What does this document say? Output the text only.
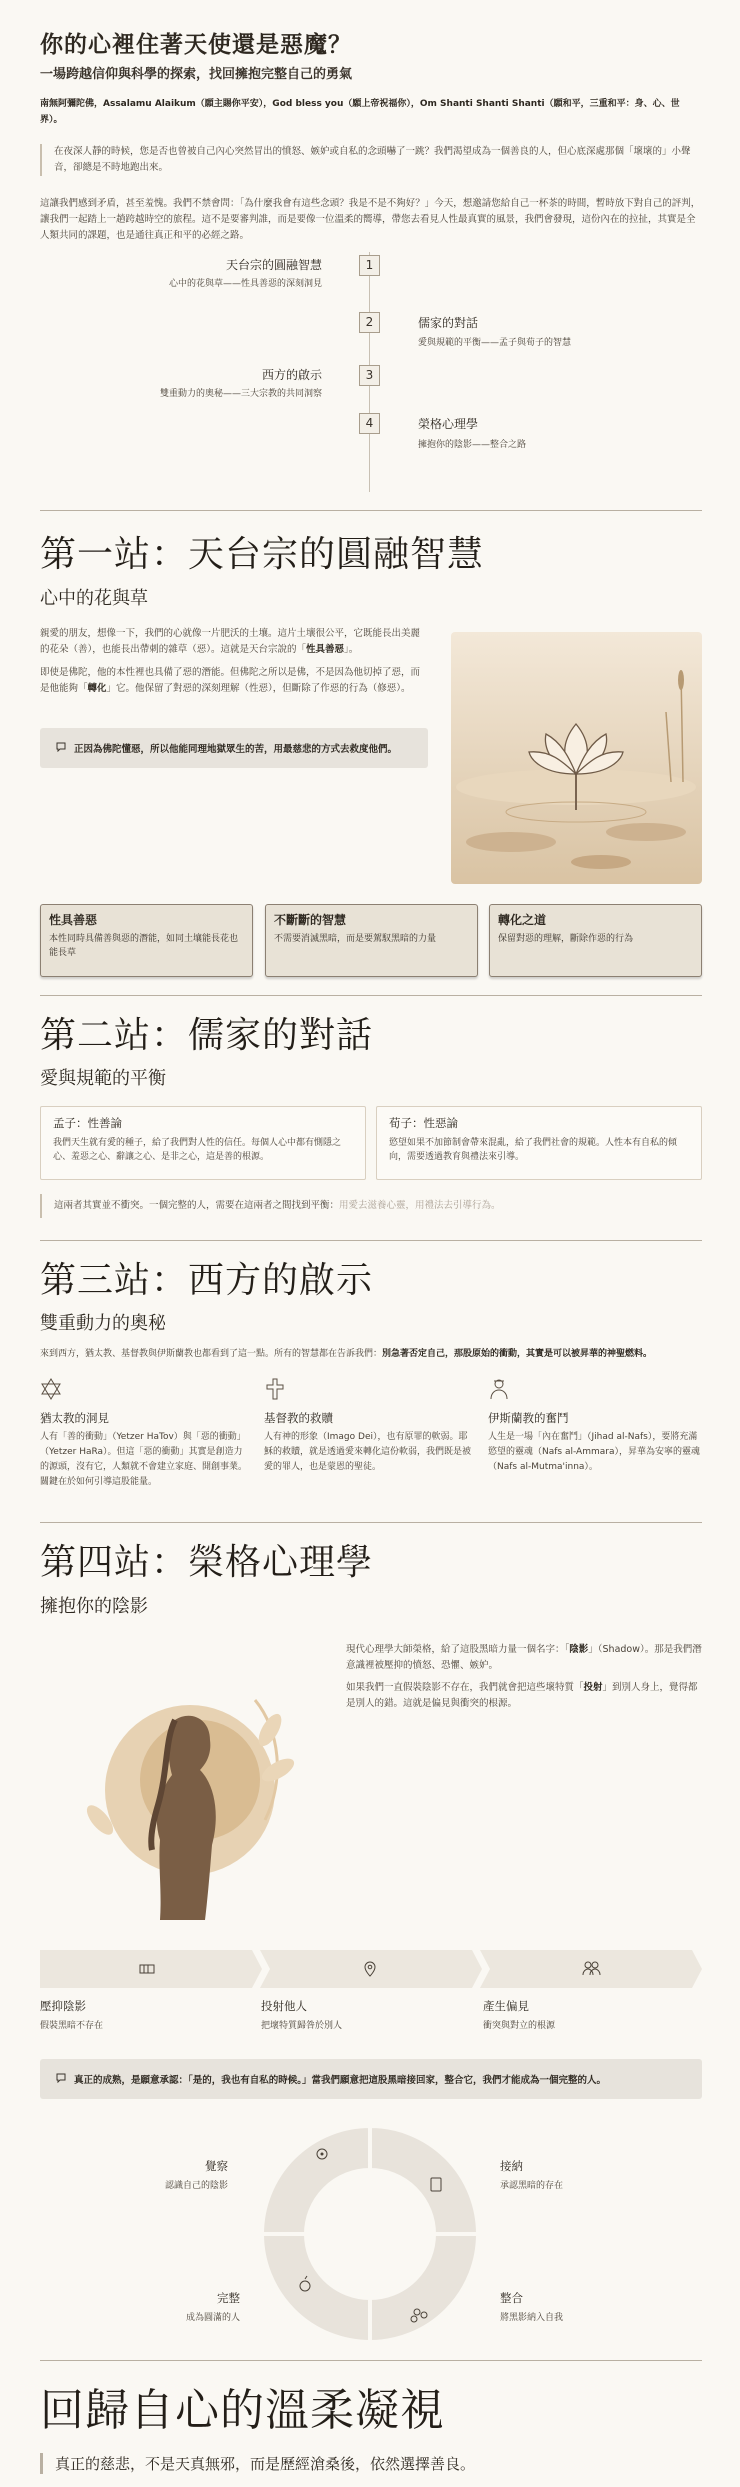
你的心裡住著天使還是惡魔？
一場跨越信仰與科學的探索，找回擁抱完整自己的勇氣
南無阿彌陀佛，Assalamu Alaikum（願主賜你平安），God bless you（願上帝祝福你），Om Shanti Shanti Shanti（願和平，三重和平：身、心、世界）。
在夜深人靜的時候，您是否也曾被自己內心突然冒出的憤怒、嫉妒或自私的念頭嚇了一跳？我們渴望成為一個善良的人，但心底深處那個「壞壞的」小聲音，卻總是不時地跑出來。
這讓我們感到矛盾，甚至羞愧。我們不禁會問：「為什麼我會有這些念頭？我是不是不夠好？」今天，想邀請您給自己一杯茶的時間，暫時放下對自己的評判，讓我們一起踏上一趟跨越時空的旅程。這不是要審判誰，而是要像一位溫柔的嚮導，帶您去看見人性最真實的風景，我們會發現，這份內在的拉扯，其實是全人類共同的課題，也是通往真正和平的必經之路。
天台宗的圓融智慧
心中的花與草——性具善惡的深刻洞見
1
2	儒家的對話
愛與規範的平衡——孟子與荀子的智慧
西方的啟示
雙重動力的奧秘——三大宗教的共同洞察
3
4	榮格心理學
擁抱你的陰影——整合之路
第一站：天台宗的圓融智慧
心中的花與草
親愛的朋友，想像一下，我們的心就像一片肥沃的土壤。這片土壤很公平，它既能長出美麗的花朵（善），也能長出帶刺的雜草（惡）。這就是天台宗說的「性具善惡」。
即使是佛陀，他的本性裡也具備了惡的潛能。但佛陀之所以是佛，不是因為他切掉了惡，而是他能夠「轉化」它。他保留了對惡的深刻理解（性惡），但斷除了作惡的行為（修惡）。
正因為佛陀懂惡，所以他能同理地獄眾生的苦，用最慈悲的方式去救度他們。
性具善惡
本性同時具備善與惡的潛能，如同土壤能長花也能長草
不斷斷的智慧
不需要消滅黑暗，而是要駕馭黑暗的力量
轉化之道
保留對惡的理解，斷除作惡的行為
第二站：儒家的對話
愛與規範的平衡
孟子：性善論
我們天生就有愛的種子，給了我們對人性的信任。每個人心中都有惻隱之心、羞惡之心、辭讓之心、是非之心，這是善的根源。
荀子：性惡論
慾望如果不加節制會帶來混亂，給了我們社會的規範。人性本有自私的傾向，需要透過教育與禮法來引導。
這兩者其實並不衝突。一個完整的人，需要在這兩者之間找到平衡：用愛去滋養心靈，用禮法去引導行為。
第三站：西方的啟示
雙重動力的奧秘
來到西方，猶太教、基督教與伊斯蘭教也都看到了這一點。所有的智慧都在告訴我們：別急著否定自己，那股原始的衝動，其實是可以被昇華的神聖燃料。
猶太教的洞見
人有「善的衝動」（Yetzer HaTov）與「惡的衝動」（Yetzer HaRa）。但這「惡的衝動」其實是創造力的源頭，沒有它，人類就不會建立家庭、開創事業。關鍵在於如何引導這股能量。
基督教的救贖
人有神的形象（Imago Dei），也有原罪的軟弱。耶穌的救贖，就是透過愛來轉化這份軟弱，我們既是被愛的罪人，也是蒙恩的聖徒。
伊斯蘭教的奮鬥
人生是一場「內在奮鬥」（Jihad al-Nafs），要將充滿慾望的靈魂（Nafs al-Ammara），昇華為安寧的靈魂（Nafs al-Mutma'inna）。
第四站：榮格心理學
擁抱你的陰影
現代心理學大師榮格，給了這股黑暗力量一個名字：「陰影」（Shadow）。那是我們潛意識裡被壓抑的憤怒、恐懼、嫉妒。
如果我們一直假裝陰影不存在，我們就會把這些壞特質「投射」到別人身上，覺得都是別人的錯。這就是偏見與衝突的根源。
壓抑陰影
假裝黑暗不存在
投射他人
把壞特質歸咎於別人
產生偏見
衝突與對立的根源
真正的成熟， 是願意承認：「是的，我也有自私的時候。」當我們願意把這股黑暗接回家，整合它，我們才能成為一個完整的人。
覺察
認識自己的陰影
接納
承認黑暗的存在
整合
將黑影納入自我
完整
成為圓滿的人
回歸自心的溫柔凝視
真正的慈悲，不是天真無邪，而是歷經滄桑後，依然選擇善良。
